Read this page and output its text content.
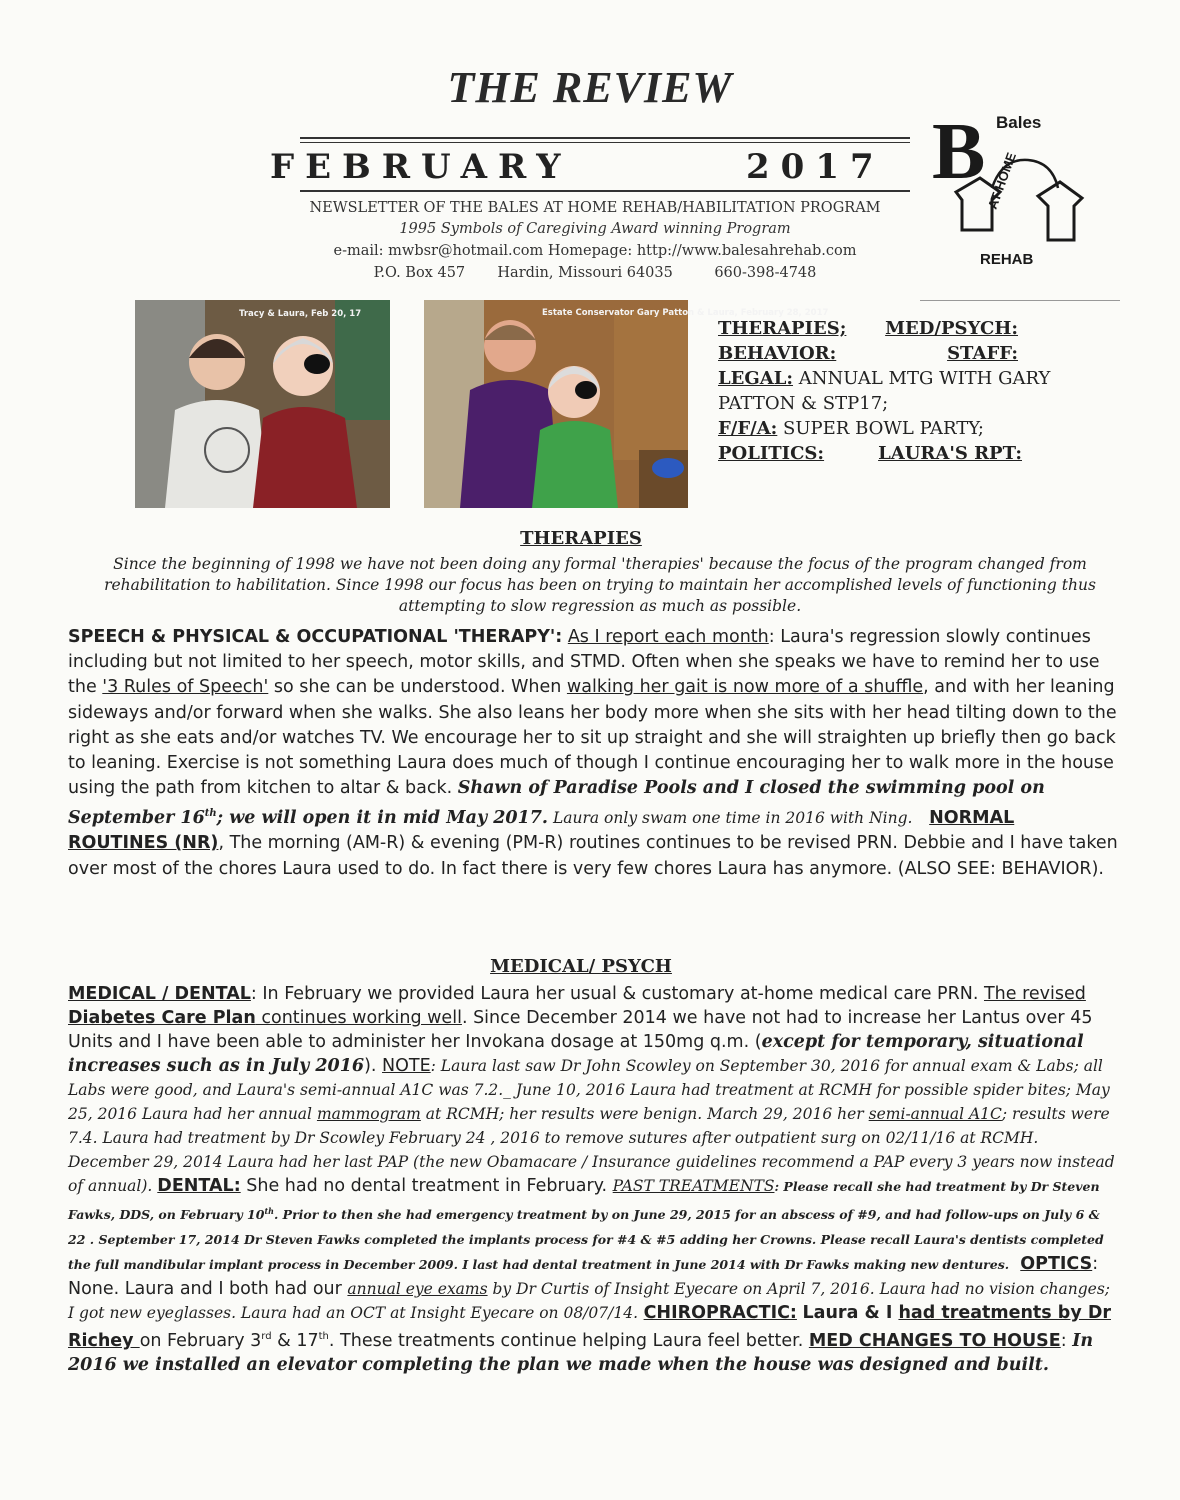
THE REVIEW
FEBRUARY	2017
NEWSLETTER OF THE BALES AT HOME REHAB/HABILITATION PROGRAM
1995 Symbols of Caregiving Award winning Program
e-mail: mwbsr@hotmail.com Homepage: http://www.balesahrehab.com
P.O. Box 457 Hardin, Missouri 64035	660-398-4748
B Bales
AT-HOME
REHAB
Tracy & Laura, Feb 20, 17	Estate Conservator Gary Patton & Laura, February 28, 2017
THERAPIES; MED/PSYCH:
BEHAVIOR:	STAFF:
LEGAL: ANNUAL MTG WITH GARY PATTON & STP17;
F/F/A: SUPER BOWL PARTY;
POLITICS:	LAURA'S RPT:
THERAPIES
Since the beginning of 1998 we have not been doing any formal 'therapies' because the focus of the program changed from rehabilitation to habilitation. Since 1998 our focus has been on trying to maintain her accomplished levels of functioning thus attempting to slow regression as much as possible.
SPEECH & PHYSICAL & OCCUPATIONAL 'THERAPY': As I report each month: Laura's regression slowly continues including but not limited to her speech, motor skills, and STMD. Often when she speaks we have to remind her to use the '3 Rules of Speech' so she can be understood. When walking her gait is now more of a shuffle, and with her leaning sideways and/or forward when she walks. She also leans her body more when she sits with her head tilting down to the right as she eats and/or watches TV. We encourage her to sit up straight and she will straighten up briefly then go back to leaning. Exercise is not something Laura does much of though I continue encouraging her to walk more in the house using the path from kitchen to altar & back. Shawn of Paradise Pools and I closed the swimming pool on September 16th; we will open it in mid May 2017. Laura only swam one time in 2016 with Ning. NORMAL ROUTINES (NR), The morning (AM-R) & evening (PM-R) routines continues to be revised PRN. Debbie and I have taken over most of the chores Laura used to do. In fact there is very few chores Laura has anymore. (ALSO SEE: BEHAVIOR).
MEDICAL/ PSYCH
MEDICAL / DENTAL: In February we provided Laura her usual & customary at-home medical care PRN. The revised Diabetes Care Plan continues working well. Since December 2014 we have not had to increase her Lantus over 45 Units and I have been able to administer her Invokana dosage at 150mg q.m. (except for temporary, situational increases such as in July 2016). NOTE: Laura last saw Dr John Scowley on September 30, 2016 for annual exam & Labs; all Labs were good, and Laura's semi-annual A1C was 7.2._ June 10, 2016 Laura had treatment at RCMH for possible spider bites; May 25, 2016 Laura had her annual mammogram at RCMH; her results were benign. March 29, 2016 her semi-annual A1C; results were 7.4. Laura had treatment by Dr Scowley February 24 , 2016 to remove sutures after outpatient surg on 02/11/16 at RCMH. December 29, 2014 Laura had her last PAP (the new Obamacare / Insurance guidelines recommend a PAP every 3 years now instead of annual). DENTAL: She had no dental treatment in February. PAST TREATMENTS: Please recall she had treatment by Dr Steven Fawks, DDS, on February 10th. Prior to then she had emergency treatment by on June 29, 2015 for an abscess of #9, and had follow-ups on July 6 & 22 . September 17, 2014 Dr Steven Fawks completed the implants process for #4 & #5 adding her Crowns. Please recall Laura's dentists completed the full mandibular implant process in December 2009. I last had dental treatment in June 2014 with Dr Fawks making new dentures. OPTICS: None. Laura and I both had our annual eye exams by Dr Curtis of Insight Eyecare on April 7, 2016. Laura had no vision changes; I got new eyeglasses. Laura had an OCT at Insight Eyecare on 08/07/14. CHIROPRACTIC: Laura & I had treatments by Dr Richey on February 3rd & 17th. These treatments continue helping Laura feel better. MED CHANGES TO HOUSE: In 2016 we installed an elevator completing the plan we made when the house was designed and built.
